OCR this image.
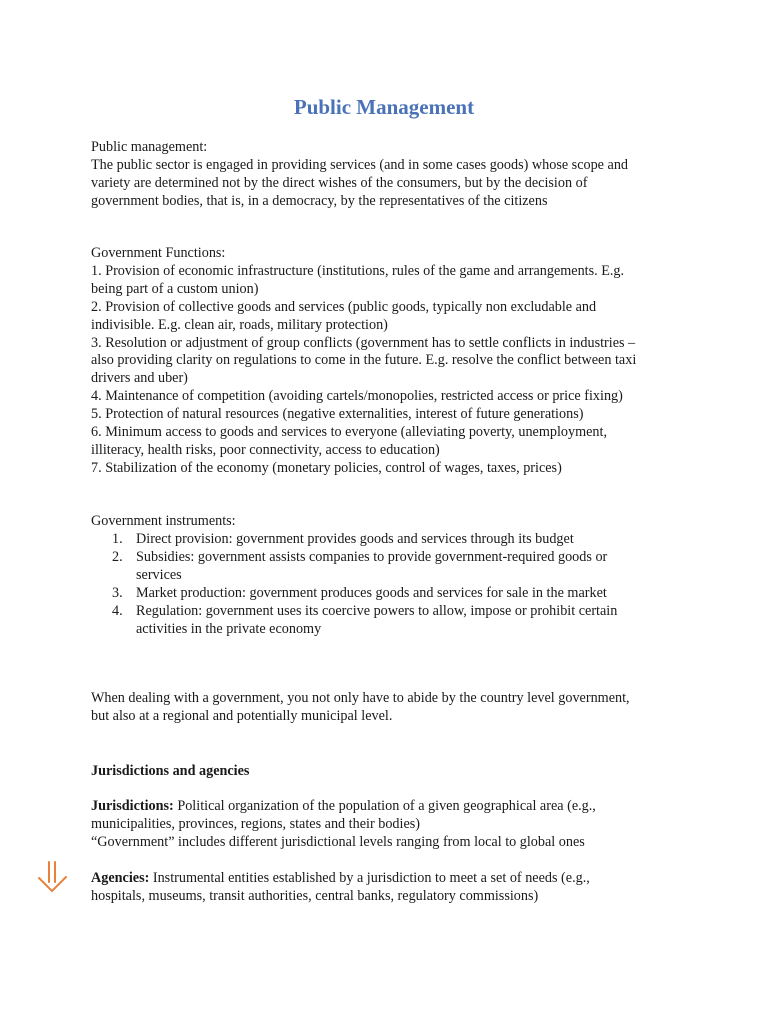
Public Management
Public management:
The public sector is engaged in providing services (and in some cases goods) whose scope and
variety are determined not by the direct wishes of the consumers, but by the decision of
government bodies, that is, in a democracy, by the representatives of the citizens
Government Functions:
1. Provision of economic infrastructure (institutions, rules of the game and arrangements. E.g.
being part of a custom union)
2. Provision of collective goods and services (public goods, typically non excludable and
indivisible. E.g. clean air, roads, military protection)
3. Resolution or adjustment of group conflicts (government has to settle conflicts in industries –
also providing clarity on regulations to come in the future. E.g. resolve the conflict between taxi
drivers and uber)
4. Maintenance of competition (avoiding cartels/monopolies, restricted access or price fixing)
5. Protection of natural resources (negative externalities, interest of future generations)
6. Minimum access to goods and services to everyone (alleviating poverty, unemployment,
illiteracy, health risks, poor connectivity, access to education)
7. Stabilization of the economy (monetary policies, control of wages, taxes, prices)
Government instruments:
1. Direct provision: government provides goods and services through its budget
2. Subsidies: government assists companies to provide government-required goods or
services
3. Market production: government produces goods and services for sale in the market
4. Regulation: government uses its coercive powers to allow, impose or prohibit certain
activities in the private economy
When dealing with a government, you not only have to abide by the country level government,
but also at a regional and potentially municipal level.
Jurisdictions and agencies
Jurisdictions: Political organization of the population of a given geographical area (e.g.,
municipalities, provinces, regions, states and their bodies)
“Government” includes different jurisdictional levels ranging from local to global ones
Agencies: Instrumental entities established by a jurisdiction to meet a set of needs (e.g.,
hospitals, museums, transit authorities, central banks, regulatory commissions)
